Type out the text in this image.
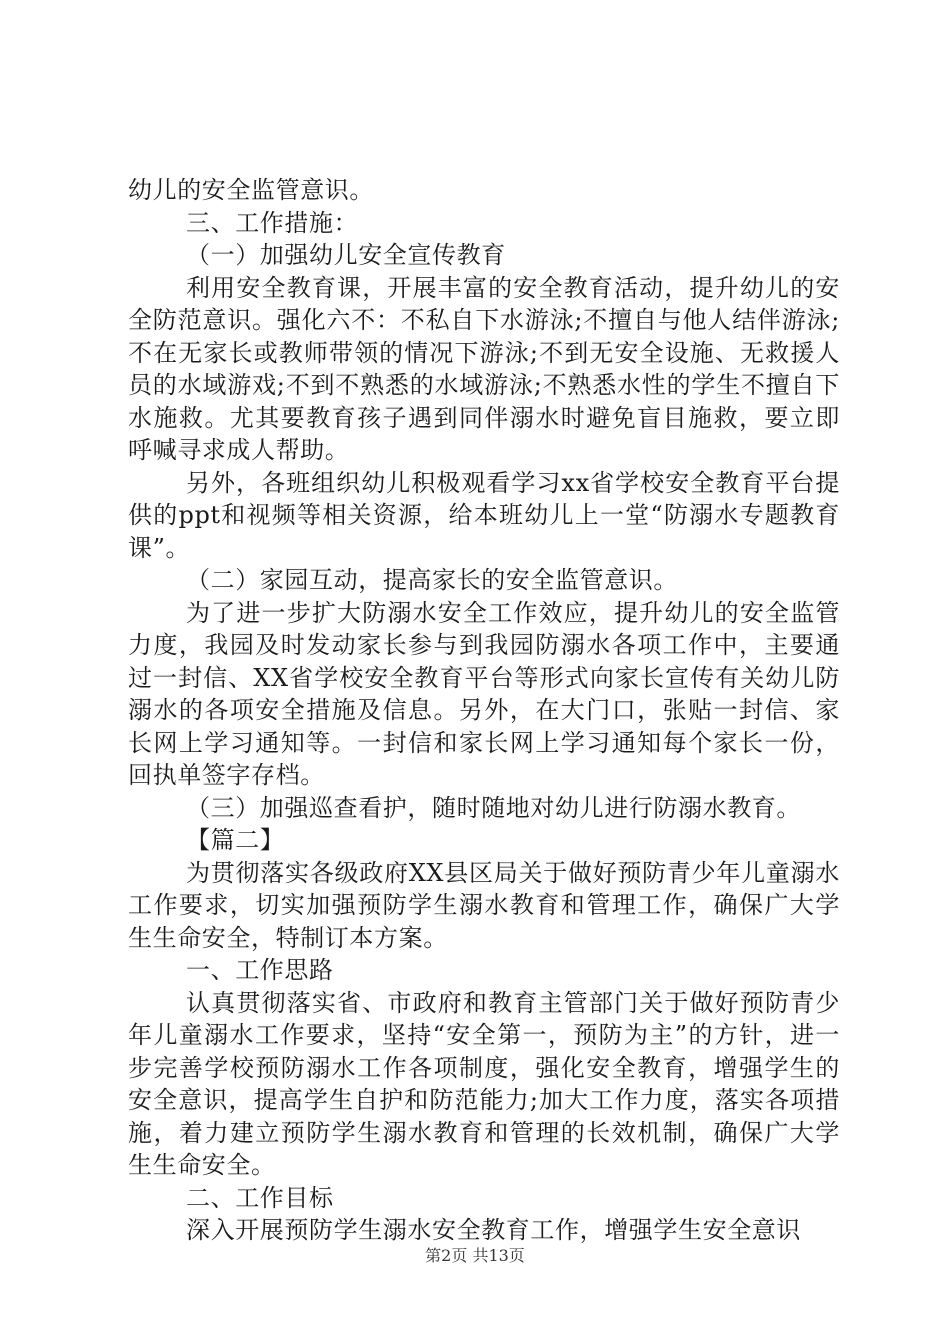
幼儿的安全监管意识。

三、工作措施：

（一）加强幼儿安全宣传教育

利用安全教育课，开展丰富的安全教育活动，提升幼儿的安全防范意识。强化六不：不私自下水游泳;不擅自与他人结伴游泳;不在无家长或教师带领的情况下游泳;不到无安全设施、无救援人员的水域游戏;不到不熟悉的水域游泳;不熟悉水性的学生不擅自下水施救。尤其要教育孩子遇到同伴溺水时避免盲目施救，要立即呼喊寻求成人帮助。

另外，各班组织幼儿积极观看学习xx省学校安全教育平台提供的ppt和视频等相关资源，给本班幼儿上一堂“防溺水专题教育课”。

（二）家园互动，提高家长的安全监管意识。

为了进一步扩大防溺水安全工作效应，提升幼儿的安全监管力度，我园及时发动家长参与到我园防溺水各项工作中，主要通过一封信、XX省学校安全教育平台等形式向家长宣传有关幼儿防溺水的各项安全措施及信息。另外，在大门口，张贴一封信、家长网上学习通知等。一封信和家长网上学习通知每个家长一份，回执单签字存档。

（三）加强巡查看护，随时随地对幼儿进行防溺水教育。

【篇二】

为贯彻落实各级政府XX县区局关于做好预防青少年儿童溺水工作要求，切实加强预防学生溺水教育和管理工作，确保广大学生生命安全，特制订本方案。

一、工作思路

认真贯彻落实省、市政府和教育主管部门关于做好预防青少年儿童溺水工作要求，坚持“安全第一，预防为主”的方针，进一步完善学校预防溺水工作各项制度，强化安全教育，增强学生的安全意识，提高学生自护和防范能力;加大工作力度，落实各项措施，着力建立预防学生溺水教育和管理的长效机制，确保广大学生生命安全。

二、工作目标

深入开展预防学生溺水安全教育工作，增强学生安全意识

第2页 共13页
